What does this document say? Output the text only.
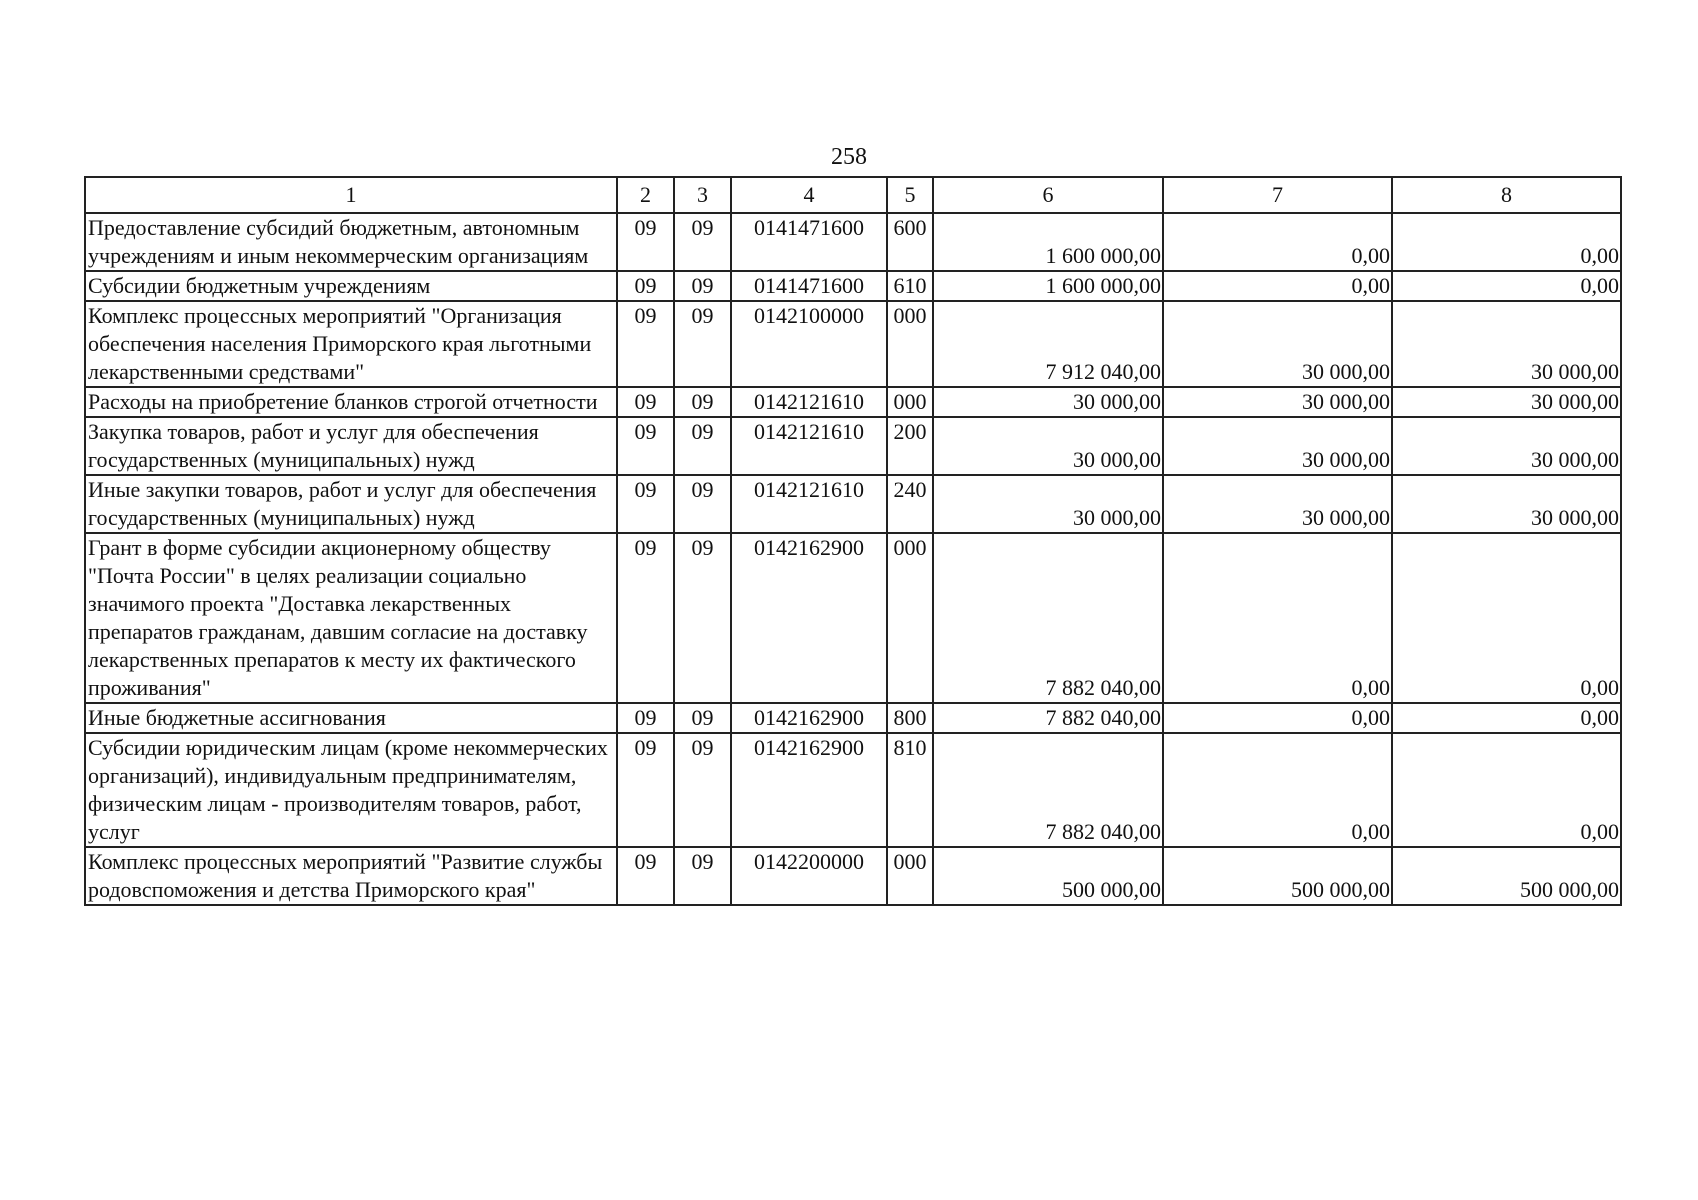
258
1	2	3	4	5	6	7	8
Предоставление субсидий бюджетным, автономным учреждениям и иным некоммерческим организациям	09	09	0141471600	600	1 600 000,00	0,00	0,00
Субсидии бюджетным учреждениям	09	09	0141471600	610	1 600 000,00	0,00	0,00
Комплекс процессных мероприятий "Организация обеспечения населения Приморского края льготными лекарственными средствами"	09	09	0142100000	000	7 912 040,00	30 000,00	30 000,00
Расходы на приобретение бланков строгой отчетности	09	09	0142121610	000	30 000,00	30 000,00	30 000,00
Закупка товаров, работ и услуг для обеспечения государственных (муниципальных) нужд	09	09	0142121610	200	30 000,00	30 000,00	30 000,00
Иные закупки товаров, работ и услуг для обеспечения государственных (муниципальных) нужд	09	09	0142121610	240	30 000,00	30 000,00	30 000,00
Грант в форме субсидии акционерному обществу "Почта России" в целях реализации социально значимого проекта "Доставка лекарственных препаратов гражданам, давшим согласие на доставку лекарственных препаратов к месту их фактического проживания"	09	09	0142162900	000	7 882 040,00	0,00	0,00
Иные бюджетные ассигнования	09	09	0142162900	800	7 882 040,00	0,00	0,00
Субсидии юридическим лицам (кроме некоммерческих организаций), индивидуальным предпринимателям, физическим лицам - производителям товаров, работ, услуг	09	09	0142162900	810	7 882 040,00	0,00	0,00
Комплекс процессных мероприятий "Развитие службы родовспоможения и детства Приморского края"	09	09	0142200000	000	500 000,00	500 000,00	500 000,00
